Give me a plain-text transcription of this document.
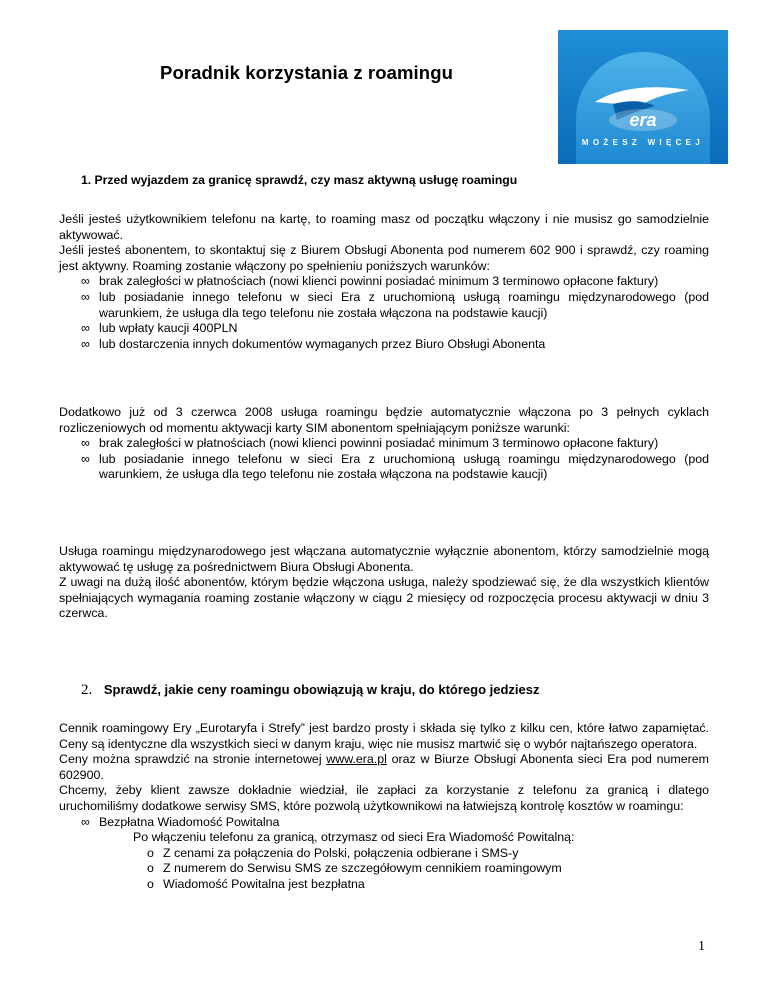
Poradnik korzystania z roamingu
era
MOŻESZ WIĘCEJ
1. Przed wyjazdem za granicę sprawdź, czy masz aktywną usługę roamingu
Jeśli jesteś użytkownikiem telefonu na kartę, to roaming masz od początku włączony i nie musisz go samodzielnie aktywować.
Jeśli jesteś abonentem, to skontaktuj się z Biurem Obsługi Abonenta pod numerem 602 900 i sprawdź, czy roaming jest aktywny. Roaming zostanie włączony po spełnieniu poniższych warunków:
∞ brak zaległości w płatnościach (nowi klienci powinni posiadać minimum 3 terminowo opłacone faktury)
∞ lub posiadanie innego telefonu w sieci Era z uruchomioną usługą roamingu międzynarodowego (pod warunkiem, że usługa dla tego telefonu nie została włączona na podstawie kaucji)
∞ lub wpłaty kaucji 400PLN
∞ lub dostarczenia innych dokumentów wymaganych przez Biuro Obsługi Abonenta
Dodatkowo już od 3 czerwca 2008 usługa roamingu będzie automatycznie włączona po 3 pełnych cyklach rozliczeniowych od momentu aktywacji karty SIM abonentom spełniającym poniższe warunki:
∞ brak zaległości w płatnościach (nowi klienci powinni posiadać minimum 3 terminowo opłacone faktury)
∞ lub posiadanie innego telefonu w sieci Era z uruchomioną usługą roamingu międzynarodowego (pod warunkiem, że usługa dla tego telefonu nie została włączona na podstawie kaucji)
Usługa roamingu międzynarodowego jest włączana automatycznie wyłącznie abonentom, którzy samodzielnie mogą aktywować tę usługę za pośrednictwem Biura Obsługi Abonenta.
Z uwagi na dużą ilość abonentów, którym będzie włączona usługa, należy spodziewać się, że dla wszystkich klientów spełniających wymagania roaming zostanie włączony w ciągu 2 miesięcy od rozpoczęcia procesu aktywacji w dniu 3 czerwca.
2. Sprawdź, jakie ceny roamingu obowiązują w kraju, do którego jedziesz
Cennik roamingowy Ery „Eurotaryfa i Strefy” jest bardzo prosty i składa się tylko z kilku cen, które łatwo zapamiętać. Ceny są identyczne dla wszystkich sieci w danym kraju, więc nie musisz martwić się o wybór najtańszego operatora.
Ceny można sprawdzić na stronie internetowej www.era.pl oraz w Biurze Obsługi Abonenta sieci Era pod numerem 602900.
Chcemy, żeby klient zawsze dokładnie wiedział, ile zapłaci za korzystanie z telefonu za granicą i dlatego uruchomiliśmy dodatkowe serwisy SMS, które pozwolą użytkownikowi na łatwiejszą kontrolę kosztów w roamingu:
∞ Bezpłatna Wiadomość Powitalna
Po włączeniu telefonu za granicą, otrzymasz od sieci Era Wiadomość Powitalną:
o Z cenami za połączenia do Polski, połączenia odbierane i SMS-y
o Z numerem do Serwisu SMS ze szczegółowym cennikiem roamingowym
o Wiadomość Powitalna jest bezpłatna
1
